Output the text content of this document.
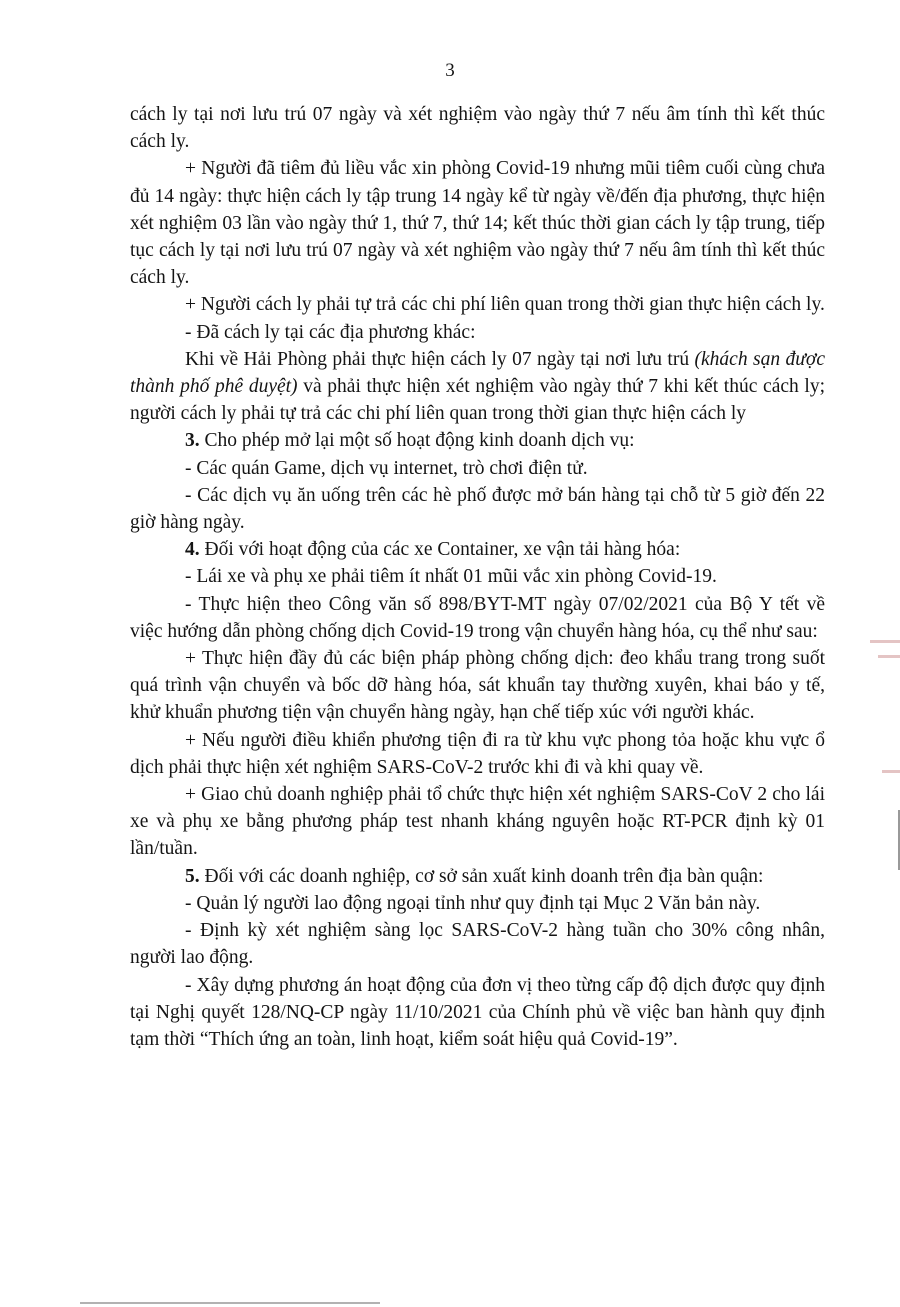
3

cách ly tại nơi lưu trú 07 ngày và xét nghiệm vào ngày thứ 7 nếu âm tính thì kết thúc cách ly.

+ Người đã tiêm đủ liều vắc xin phòng Covid-19 nhưng mũi tiêm cuối cùng chưa đủ 14 ngày: thực hiện cách ly tập trung 14 ngày kể từ ngày về/đến địa phương, thực hiện xét nghiệm 03 lần vào ngày thứ 1, thứ 7, thứ 14; kết thúc thời gian cách ly tập trung, tiếp tục cách ly tại nơi lưu trú 07 ngày và xét nghiệm vào ngày thứ 7 nếu âm tính thì kết thúc cách ly.

+ Người cách ly phải tự trả các chi phí liên quan trong thời gian thực hiện cách ly.

- Đã cách ly tại các địa phương khác:

Khi về Hải Phòng phải thực hiện cách ly 07 ngày tại nơi lưu trú (khách sạn được thành phố phê duyệt) và phải thực hiện xét nghiệm vào ngày thứ 7 khi kết thúc cách ly; người cách ly phải tự trả các chi phí liên quan trong thời gian thực hiện cách ly

3. Cho phép mở lại một số hoạt động kinh doanh dịch vụ:

- Các quán Game, dịch vụ internet, trò chơi điện tử.

- Các dịch vụ ăn uống trên các hè phố được mở bán hàng tại chỗ từ 5 giờ đến 22 giờ hàng ngày.

4. Đối với hoạt động của các xe Container, xe vận tải hàng hóa:

- Lái xe và phụ xe phải tiêm ít nhất 01 mũi vắc xin phòng Covid-19.

- Thực hiện theo Công văn số 898/BYT-MT ngày 07/02/2021 của Bộ Y tết về việc hướng dẫn phòng chống dịch Covid-19 trong vận chuyển hàng hóa, cụ thể như sau:

+ Thực hiện đầy đủ các biện pháp phòng chống dịch: đeo khẩu trang trong suốt quá trình vận chuyển và bốc dỡ hàng hóa, sát khuẩn tay thường xuyên, khai báo y tế, khử khuẩn phương tiện vận chuyển hàng ngày, hạn chế tiếp xúc với người khác.

+ Nếu người điều khiển phương tiện đi ra từ khu vực phong tỏa hoặc khu vực ổ dịch phải thực hiện xét nghiệm SARS-CoV-2 trước khi đi và khi quay về.

+ Giao chủ doanh nghiệp phải tổ chức thực hiện xét nghiệm SARS-CoV 2 cho lái xe và phụ xe bằng phương pháp test nhanh kháng nguyên hoặc RT-PCR định kỳ 01 lần/tuần.

5. Đối với các doanh nghiệp, cơ sở sản xuất kinh doanh trên địa bàn quận:

- Quản lý người lao động ngoại tỉnh như quy định tại Mục 2 Văn bản này.

- Định kỳ xét nghiệm sàng lọc SARS-CoV-2 hàng tuần cho 30% công nhân, người lao động.

- Xây dựng phương án hoạt động của đơn vị theo từng cấp độ dịch được quy định tại Nghị quyết 128/NQ-CP ngày 11/10/2021 của Chính phủ về việc ban hành quy định tạm thời “Thích ứng an toàn, linh hoạt, kiểm soát hiệu quả Covid-19”.
